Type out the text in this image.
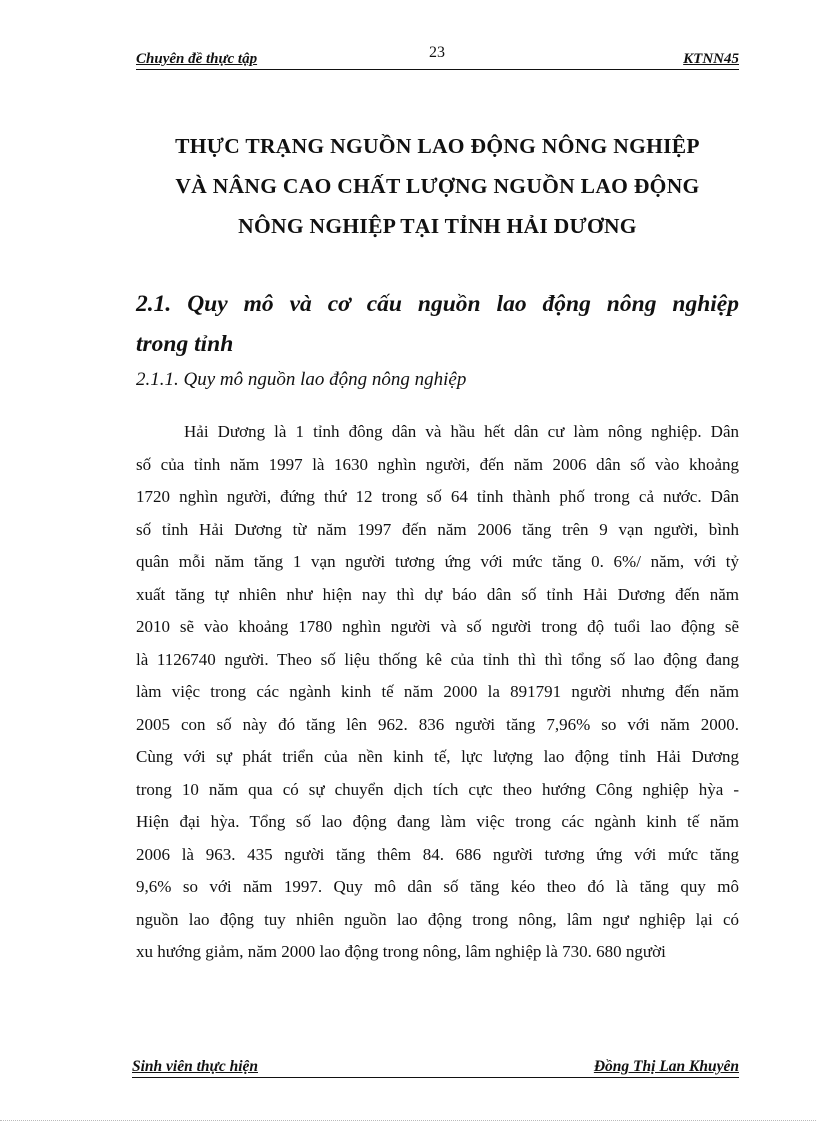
Chuyên đề thực tập	23	KTNN45
THỰC TRẠNG NGUỒN LAO ĐỘNG NÔNG NGHIỆP
VÀ NÂNG CAO CHẤT LƯỢNG NGUỒN LAO ĐỘNG
NÔNG NGHIỆP TẠI TỈNH HẢI DƯƠNG
2.1. Quy mô và cơ cấu nguồn lao động nông nghiệp
trong tỉnh
2.1.1. Quy mô nguồn lao động nông nghiệp
Hải Dương là 1 tỉnh đông dân và hầu hết dân cư làm nông nghiệp. Dân
số của tỉnh năm 1997 là 1630 nghìn người, đến năm 2006 dân số vào khoảng
1720 nghìn người, đứng thứ 12 trong số 64 tỉnh thành phố trong cả nước. Dân
số tỉnh Hải Dương từ năm 1997 đến năm 2006 tăng trên 9 vạn người, bình
quân mỗi năm tăng 1 vạn người tương ứng với mức tăng 0. 6%/ năm, với tỷ
xuất tăng tự nhiên như hiện nay thì dự báo dân số tỉnh Hải Dương đến năm
2010 sẽ vào khoảng 1780 nghìn người và số người trong độ tuổi lao động sẽ
là 1126740 người. Theo số liệu thống kê của tỉnh thì thì tổng số lao động đang
làm việc trong các ngành kinh tế năm 2000 la 891791 người nhưng đến năm
2005 con số này đó tăng lên 962. 836 người tăng 7,96% so với năm 2000.
Cùng với sự phát triển của nền kinh tế, lực lượng lao động tỉnh Hải Dương
trong 10 năm qua có sự chuyển dịch tích cực theo hướng Công nghiệp hỳa -
Hiện đại hỳa. Tổng số lao động đang làm việc trong các ngành kinh tế năm
2006 là 963. 435 người tăng thêm 84. 686 người tương ứng với mức tăng
9,6% so với năm 1997. Quy mô dân số tăng kéo theo đó là tăng quy mô
nguồn lao động tuy nhiên nguồn lao động trong nông, lâm ngư nghiệp lại có
xu hướng giảm, năm 2000 lao động trong nông, lâm nghiệp là 730. 680 người
Sinh viên thực hiện	Đồng Thị Lan Khuyên
